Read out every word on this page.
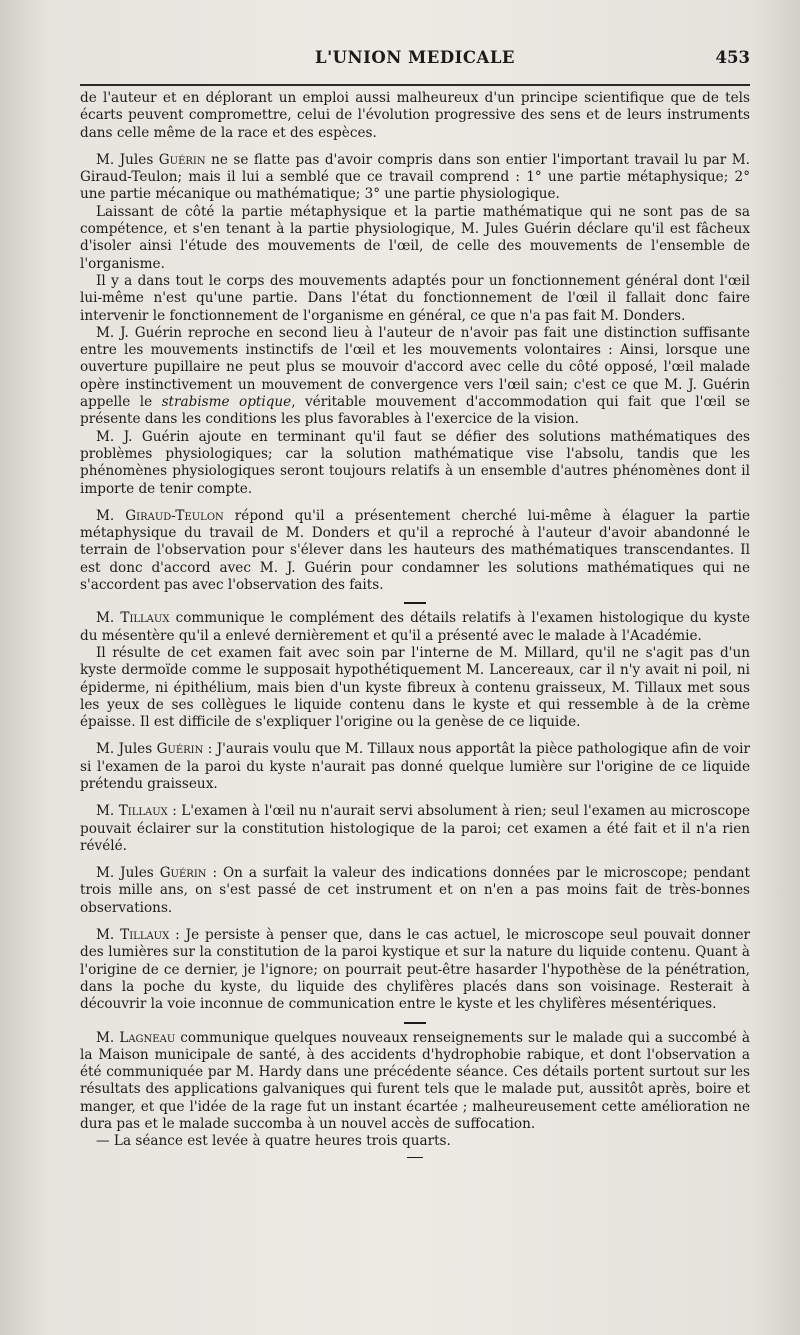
L'UNION MEDICALE	453

de l'auteur et en déplorant un emploi aussi malheureux d'un principe scientifique que de tels écarts peuvent compromettre, celui de l'évolution progressive des sens et de leurs instruments dans celle même de la race et des espèces.

M. Jules Guérin ne se flatte pas d'avoir compris dans son entier l'important travail lu par M. Giraud-Teulon; mais il lui a semblé que ce travail comprend : 1° une partie métaphysique; 2° une partie mécanique ou mathématique; 3° une partie physiologique.

Laissant de côté la partie métaphysique et la partie mathématique qui ne sont pas de sa compétence, et s'en tenant à la partie physiologique, M. Jules Guérin déclare qu'il est fâcheux d'isoler ainsi l'étude des mouvements de l'œil, de celle des mouvements de l'ensemble de l'organisme.

Il y a dans tout le corps des mouvements adaptés pour un fonctionnement général dont l'œil lui-même n'est qu'une partie. Dans l'état du fonctionnement de l'œil il fallait donc faire intervenir le fonctionnement de l'organisme en général, ce que n'a pas fait M. Donders.

M. J. Guérin reproche en second lieu à l'auteur de n'avoir pas fait une distinction suffisante entre les mouvements instinctifs de l'œil et les mouvements volontaires : Ainsi, lorsque une ouverture pupillaire ne peut plus se mouvoir d'accord avec celle du côté opposé, l'œil malade opère instinctivement un mouvement de convergence vers l'œil sain; c'est ce que M. J. Guérin appelle le strabisme optique, véritable mouvement d'accommodation qui fait que l'œil se présente dans les conditions les plus favorables à l'exercice de la vision.

M. J. Guérin ajoute en terminant qu'il faut se défier des solutions mathématiques des problèmes physiologiques; car la solution mathématique vise l'absolu, tandis que les phénomènes physiologiques seront toujours relatifs à un ensemble d'autres phénomènes dont il importe de tenir compte.

M. Giraud-Teulon répond qu'il a présentement cherché lui-même à élaguer la partie métaphysique du travail de M. Donders et qu'il a reproché à l'auteur d'avoir abandonné le terrain de l'observation pour s'élever dans les hauteurs des mathématiques transcendantes. Il est donc d'accord avec M. J. Guérin pour condamner les solutions mathématiques qui ne s'accordent pas avec l'observation des faits.

M. Tillaux communique le complément des détails relatifs à l'examen histologique du kyste du mésentère qu'il a enlevé dernièrement et qu'il a présenté avec le malade à l'Académie.

Il résulte de cet examen fait avec soin par l'interne de M. Millard, qu'il ne s'agit pas d'un kyste dermoïde comme le supposait hypothétiquement M. Lancereaux, car il n'y avait ni poil, ni épiderme, ni épithélium, mais bien d'un kyste fibreux à contenu graisseux, M. Tillaux met sous les yeux de ses collègues le liquide contenu dans le kyste et qui ressemble à de la crème épaisse. Il est difficile de s'expliquer l'origine ou la genèse de ce liquide.

M. Jules Guérin : J'aurais voulu que M. Tillaux nous apportât la pièce pathologique afin de voir si l'examen de la paroi du kyste n'aurait pas donné quelque lumière sur l'origine de ce liquide prétendu graisseux.

M. Tillaux : L'examen à l'œil nu n'aurait servi absolument à rien; seul l'examen au microscope pouvait éclairer sur la constitution histologique de la paroi; cet examen a été fait et il n'a rien révélé.

M. Jules Guérin : On a surfait la valeur des indications données par le microscope; pendant trois mille ans, on s'est passé de cet instrument et on n'en a pas moins fait de très-bonnes observations.

M. Tillaux : Je persiste à penser que, dans le cas actuel, le microscope seul pouvait donner des lumières sur la constitution de la paroi kystique et sur la nature du liquide contenu. Quant à l'origine de ce dernier, je l'ignore; on pourrait peut-être hasarder l'hypothèse de la pénétration, dans la poche du kyste, du liquide des chylifères placés dans son voisinage. Resterait à découvrir la voie inconnue de communication entre le kyste et les chylifères mésentériques.

M. Lagneau communique quelques nouveaux renseignements sur le malade qui a succombé à la Maison municipale de santé, à des accidents d'hydrophobie rabique, et dont l'observation a été communiquée par M. Hardy dans une précédente séance. Ces détails portent surtout sur les résultats des applications galvaniques qui furent tels que le malade put, aussitôt après, boire et manger, et que l'idée de la rage fut un instant écartée ; malheureusement cette amélioration ne dura pas et le malade succomba à un nouvel accès de suffocation.

— La séance est levée à quatre heures trois quarts.
